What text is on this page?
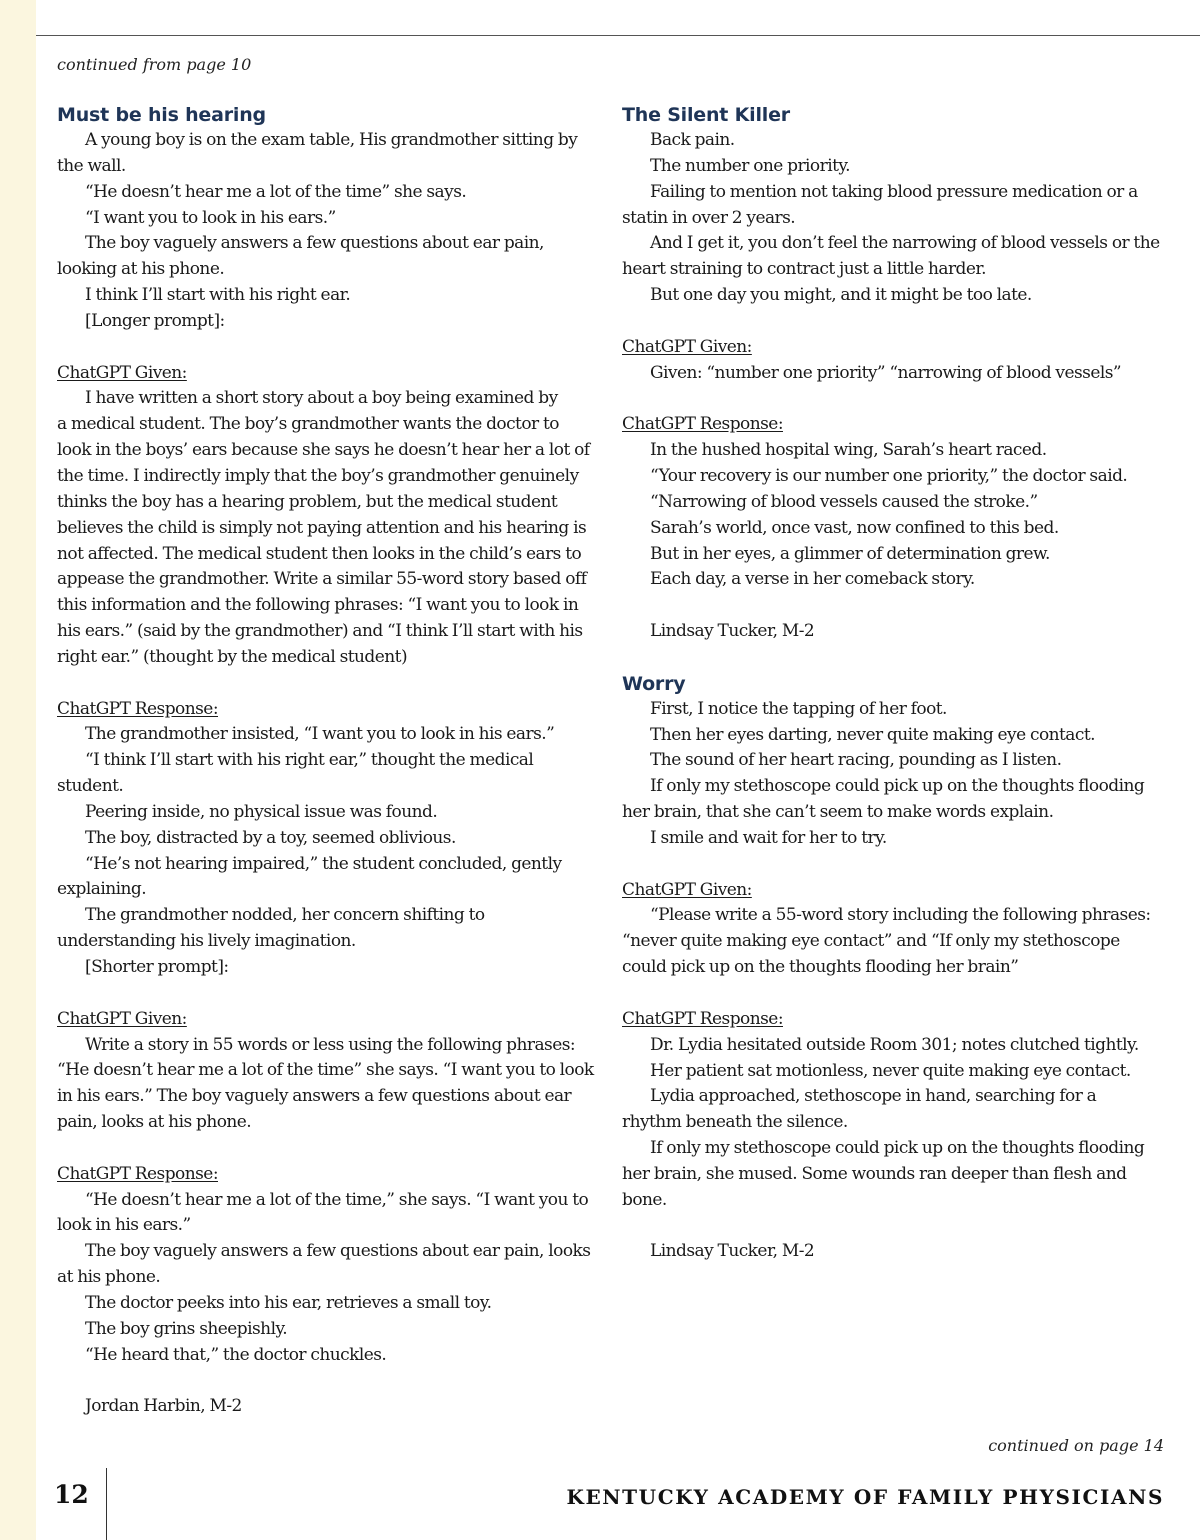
continued from page 10
Must be his hearing

A young boy is on the exam table, His grandmother sitting by

the wall.

“He doesn’t hear me a lot of the time” she says.

“I want you to look in his ears.”

The boy vaguely answers a few questions about ear pain,

looking at his phone.

I think I’ll start with his right ear.

[Longer prompt]:

ChatGPT Given:

I have written a short story about a boy being examined by

a medical student. The boy’s grandmother wants the doctor to

look in the boys’ ears because she says he doesn’t hear her a lot of

the time. I indirectly imply that the boy’s grandmother genuinely

thinks the boy has a hearing problem, but the medical student

believes the child is simply not paying attention and his hearing is

not affected. The medical student then looks in the child’s ears to

appease the grandmother. Write a similar 55-word story based off

this information and the following phrases: “I want you to look in

his ears.” (said by the grandmother) and “I think I’ll start with his

right ear.” (thought by the medical student)

ChatGPT Response:

The grandmother insisted, “I want you to look in his ears.”

“I think I’ll start with his right ear,” thought the medical

student.

Peering inside, no physical issue was found.

The boy, distracted by a toy, seemed oblivious.

“He’s not hearing impaired,” the student concluded, gently

explaining.

The grandmother nodded, her concern shifting to

understanding his lively imagination.

[Shorter prompt]:

ChatGPT Given:

Write a story in 55 words or less using the following phrases:

“He doesn’t hear me a lot of the time” she says. “I want you to look

in his ears.” The boy vaguely answers a few questions about ear

pain, looks at his phone.

ChatGPT Response:

“He doesn’t hear me a lot of the time,” she says. “I want you to

look in his ears.”

The boy vaguely answers a few questions about ear pain, looks

at his phone.

The doctor peeks into his ear, retrieves a small toy.

The boy grins sheepishly.

“He heard that,” the doctor chuckles.

Jordan Harbin, M-2

The Silent Killer

Back pain.

The number one priority.

Failing to mention not taking blood pressure medication or a

statin in over 2 years.

And I get it, you don’t feel the narrowing of blood vessels or the

heart straining to contract just a little harder.

But one day you might, and it might be too late.

ChatGPT Given:

Given: “number one priority” “narrowing of blood vessels”

ChatGPT Response:

In the hushed hospital wing, Sarah’s heart raced.

“Your recovery is our number one priority,” the doctor said.

“Narrowing of blood vessels caused the stroke.”

Sarah’s world, once vast, now confined to this bed.

But in her eyes, a glimmer of determination grew.

Each day, a verse in her comeback story.

Lindsay Tucker, M-2

Worry

First, I notice the tapping of her foot.

Then her eyes darting, never quite making eye contact.

The sound of her heart racing, pounding as I listen.

If only my stethoscope could pick up on the thoughts flooding

her brain, that she can’t seem to make words explain.

I smile and wait for her to try.

ChatGPT Given:

“Please write a 55-word story including the following phrases:

“never quite making eye contact” and “If only my stethoscope

could pick up on the thoughts flooding her brain”

ChatGPT Response:

Dr. Lydia hesitated outside Room 301; notes clutched tightly.

Her patient sat motionless, never quite making eye contact.

Lydia approached, stethoscope in hand, searching for a

rhythm beneath the silence.

If only my stethoscope could pick up on the thoughts flooding

her brain, she mused. Some wounds ran deeper than flesh and

bone.

Lindsay Tucker, M-2

continued on page 14
12	KENTUCKY ACADEMY OF FAMILY PHYSICIANS
